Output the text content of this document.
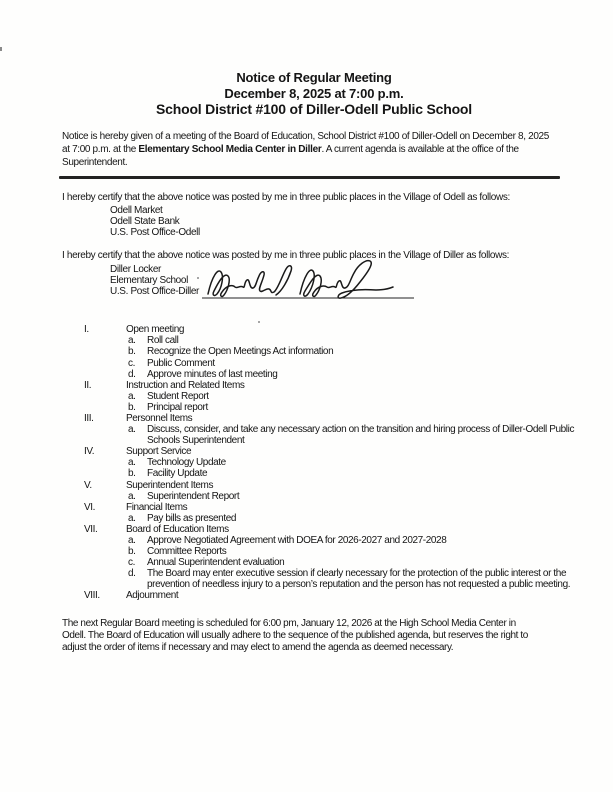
Notice of Regular Meeting
December 8, 2025 at 7:00 p.m.
School District #100 of Diller-Odell Public School

Notice is hereby given of a meeting of the Board of Education, School District #100 of Diller-Odell on December 8, 2025 at 7:00 p.m. at the Elementary School Media Center in Diller. A current agenda is available at the office of the Superintendent.

I hereby certify that the above notice was posted by me in three public places in the Village of Odell as follows:
Odell Market
Odell State Bank
U.S. Post Office-Odell
I hereby certify that the above notice was posted by me in three public places in the Village of Diller as follows:
Diller Locker
Elementary School
U.S. Post Office-Diller
I.	Open meeting
a.	Roll call
b.	Recognize the Open Meetings Act information
c.	Public Comment
d.	Approve minutes of last meeting
II.	Instruction and Related Items
a.	Student Report
b.	Principal report
III.	Personnel Items
a.	Discuss, consider, and take any necessary action on the transition and hiring process of Diller-Odell Public Schools Superintendent
IV.	Support Service
a.	Technology Update
b.	Facility Update
V.	Superintendent Items
a.	Superintendent Report
VI.	Financial Items
a.	Pay bills as presented
VII.	Board of Education Items
a.	Approve Negotiated Agreement with DOEA for 2026-2027 and 2027-2028
b.	Committee Reports
c.	Annual Superintendent evaluation
d.	The Board may enter executive session if clearly necessary for the protection of the public interest or the prevention of needless injury to a person’s reputation and the person has not requested a public meeting.
VIII.	Adjournment

The next Regular Board meeting is scheduled for 6:00 pm, January 12, 2026 at the High School Media Center in Odell. The Board of Education will usually adhere to the sequence of the published agenda, but reserves the right to adjust the order of items if necessary and may elect to amend the agenda as deemed necessary.
